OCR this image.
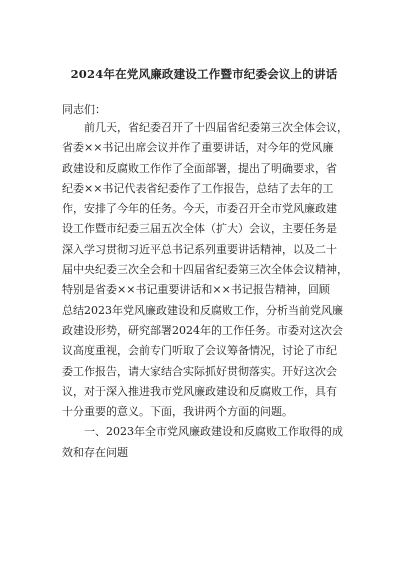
2024年在党风廉政建设工作暨市纪委会议上的讲话
同志们：
前几天，省纪委召开了十四届省纪委第三次全体会议，
省委××书记出席会议并作了重要讲话，对今年的党风廉
政建设和反腐败工作作了全面部署，提出了明确要求，省
纪委××书记代表省纪委作了工作报告，总结了去年的工
作，安排了今年的任务。今天，市委召开全市党风廉政建
设工作暨市纪委三届五次全体（扩大）会议，主要任务是
深入学习贯彻习近平总书记系列重要讲话精神，以及二十
届中央纪委三次全会和十四届省纪委第三次全体会议精神，
特别是省委××书记重要讲话和××书记报告精神，回顾
总结2023年党风廉政建设和反腐败工作，分析当前党风廉
政建设形势，研究部署2024年的工作任务。市委对这次会
议高度重视，会前专门听取了会议筹备情况，讨论了市纪
委工作报告，请大家结合实际抓好贯彻落实。开好这次会
议，对于深入推进我市党风廉政建设和反腐败工作，具有
十分重要的意义。下面，我讲两个方面的问题。
一、2023年全市党风廉政建设和反腐败工作取得的成
效和存在问题
